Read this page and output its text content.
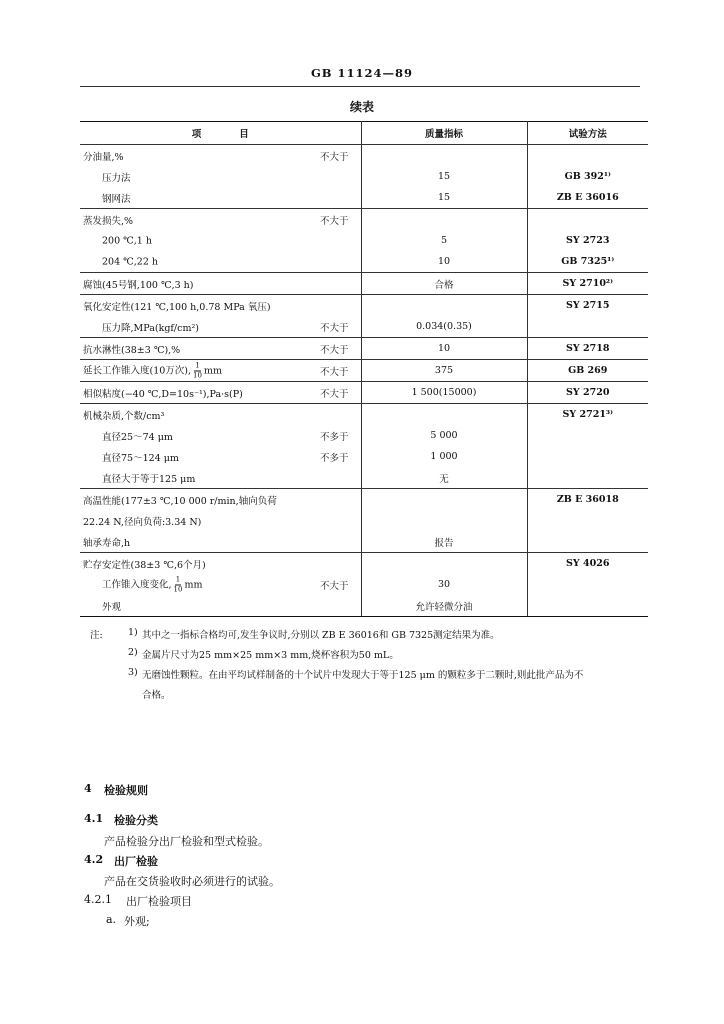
GB 11124—89
续表
项　　　　目	质量指标	试验方法

分油量,% 不大于		

压力法	15	GB 392¹⁾

钢网法	15	ZB E 36016

蒸发损失,% 不大于		

200 ℃,1 h	5	SY 2723

204 ℃,22 h	10	GB 7325¹⁾

腐蚀(45号钢,100 ℃,3 h)	合格	SY 2710²⁾

氧化安定性(121 ℃,100 h,0.78 MPa 氧压)		SY 2715

压力降,MPa(kgf/cm²) 不大于	0.034(0.35)	

抗水淋性(38±3 ℃),% 不大于	10	SY 2718

延长工作锥入度(10万次), $\frac{1}{10}$ mm 不大于	375	GB 269

相似粘度(−40 ℃,D=10s⁻¹),Pa·s(P) 不大于	1 500(15000)	SY 2720

机械杂质,个数/cm³		SY 2721³⁾

直径25～74 μm 不多于	5 000	

直径75～124 μm 不多于	1 000	

直径大于等于125 μm	无	

高温性能(177±3 ℃,10 000 r/min,轴向负荷		ZB E 36018

22.24 N,径向负荷:3.34 N)		

轴承寿命,h	报告	

贮存安定性(38±3 ℃,6个月)		SY 4026

工作锥入度变化, $\frac{1}{10}$ mm 不大于	30	

外观	允许轻微分油	
注:	1) 其中之一指标合格均可,发生争议时,分别以 ZB E 36016和 GB 7325测定结果为准。
2) 金属片尺寸为25 mm×25 mm×3 mm,烧杯容积为50 mL。
3) 无磨蚀性颗粒。在由平均试样制备的十个试片中发现大于等于125 μm 的颗粒多于二颗时,则此批产品为不
合格。
4 检验规则
4.1 检验分类
产品检验分出厂检验和型式检验。
4.2 出厂检验
产品在交货验收时必须进行的试验。
4.2.1 出厂检验项目
a. 外观;
